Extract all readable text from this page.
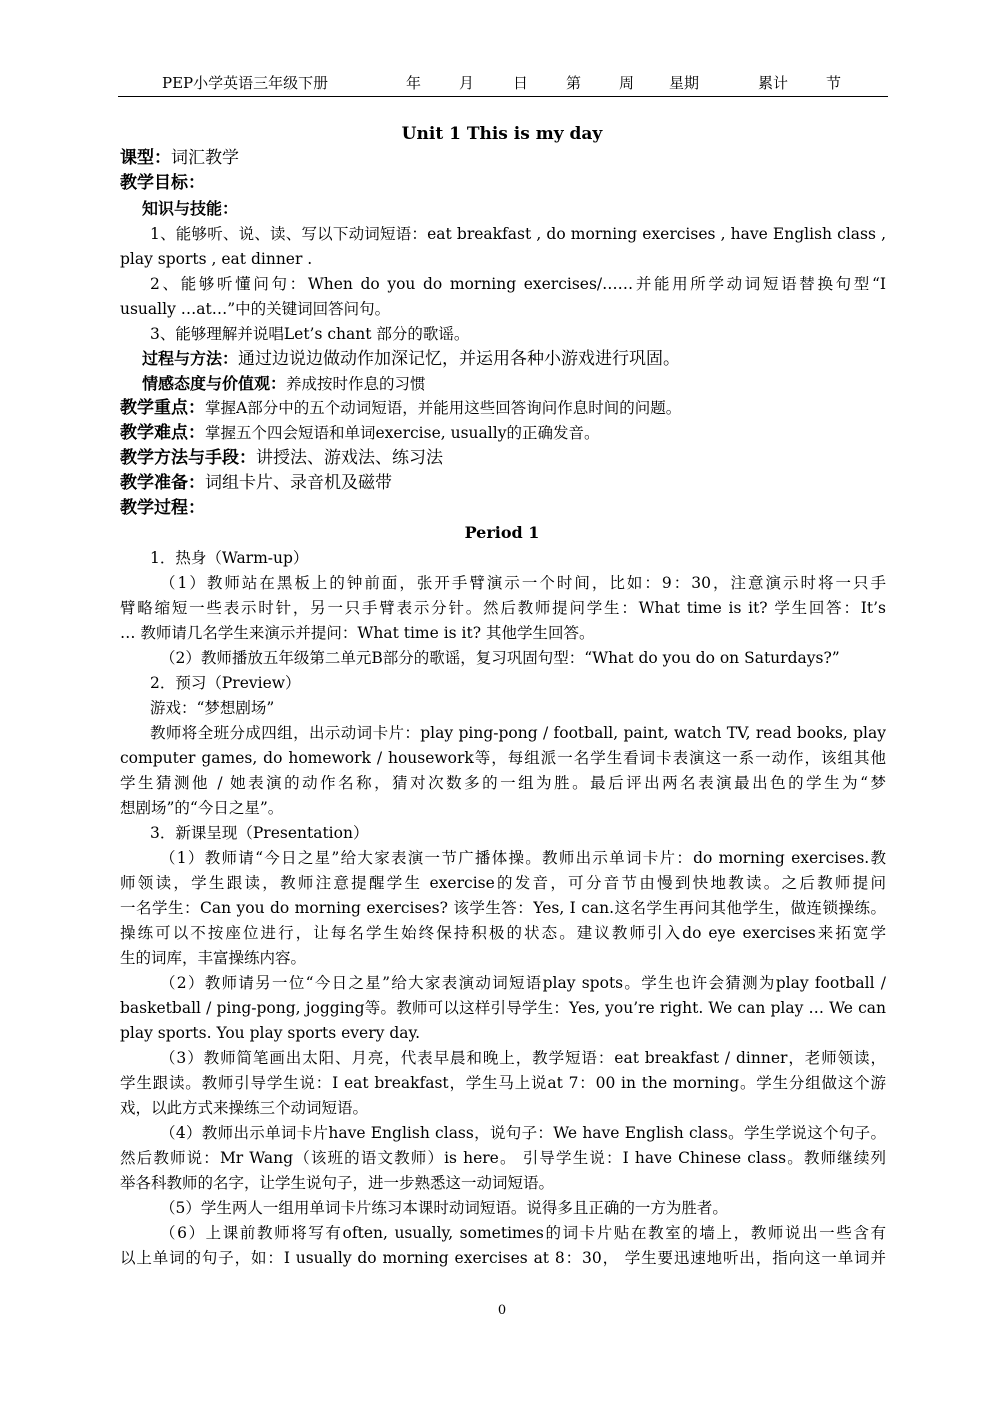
PEP小学英语三年级下册	年	月	日	第	周 星期	累计	节
Unit 1 This is my day
课型：词汇教学
教学目标：
知识与技能：
1、能够听、说、读、写以下动词短语：eat breakfast , do morning exercises , have English class ,
play sports , eat dinner .
2、能够听懂问句：When do you do morning exercises/……并能用所学动词短语替换句型“I
usually …at…”中的关键词回答问句。
3、能够理解并说唱Let’s chant 部分的歌谣。
过程与方法：通过边说边做动作加深记忆，并运用各种小游戏进行巩固。
情感态度与价值观：养成按时作息的习惯
教学重点：掌握A部分中的五个动词短语，并能用这些回答询问作息时间的问题。
教学难点：掌握五个四会短语和单词exercise, usually的正确发音。
教学方法与手段：讲授法、游戏法、练习法
教学准备：词组卡片、录音机及磁带
教学过程：
Period 1
1．热身（Warm-up）
（1）教师站在黑板上的钟前面，张开手臂演示一个时间，比如：9：30，注意演示时将一只手
臂略缩短一些表示时针，另一只手臂表示分针。然后教师提问学生：What time is it? 学生回答：It’s
… 教师请几名学生来演示并提问：What time is it? 其他学生回答。
（2）教师播放五年级第二单元B部分的歌谣，复习巩固句型：“What do you do on Saturdays?”
2．预习（Preview）
游戏：“梦想剧场”
教师将全班分成四组，出示动词卡片：play ping-pong / football, paint, watch TV, read books, play
computer games, do homework / housework等，每组派一名学生看词卡表演这一系一动作，该组其他
学生猜测他 / 她表演的动作名称，猜对次数多的一组为胜。最后评出两名表演最出色的学生为“梦
想剧场”的“今日之星”。
3．新课呈现（Presentation）
（1）教师请“今日之星”给大家表演一节广播体操。教师出示单词卡片：do morning exercises.教
师领读，学生跟读，教师注意提醒学生 exercise的发音，可分音节由慢到快地教读。之后教师提问
一名学生：Can you do morning exercises? 该学生答：Yes, I can.这名学生再问其他学生，做连锁操练。
操练可以不按座位进行，让每名学生始终保持积极的状态。建议教师引入do eye exercises来拓宽学
生的词库，丰富操练内容。
（2）教师请另一位“今日之星”给大家表演动词短语play spots。学生也许会猜测为play football /
basketball / ping-pong, jogging等。教师可以这样引导学生：Yes, you’re right. We can play … We can
play sports. You play sports every day.
（3）教师简笔画出太阳、月亮，代表早晨和晚上，教学短语：eat breakfast / dinner，老师领读，
学生跟读。教师引导学生说：I eat breakfast，学生马上说at 7：00 in the morning。学生分组做这个游
戏，以此方式来操练三个动词短语。
（4）教师出示单词卡片have English class，说句子：We have English class。学生学说这个句子。
然后教师说：Mr Wang（该班的语文教师）is here。 引导学生说：I have Chinese class。教师继续列
举各科教师的名字，让学生说句子，进一步熟悉这一动词短语。
（5）学生两人一组用单词卡片练习本课时动词短语。说得多且正确的一方为胜者。
（6）上课前教师将写有often, usually, sometimes的词卡片贴在教室的墙上，教师说出一些含有
以上单词的句子，如：I usually do morning exercises at 8：30， 学生要迅速地听出，指向这一单词并
0
